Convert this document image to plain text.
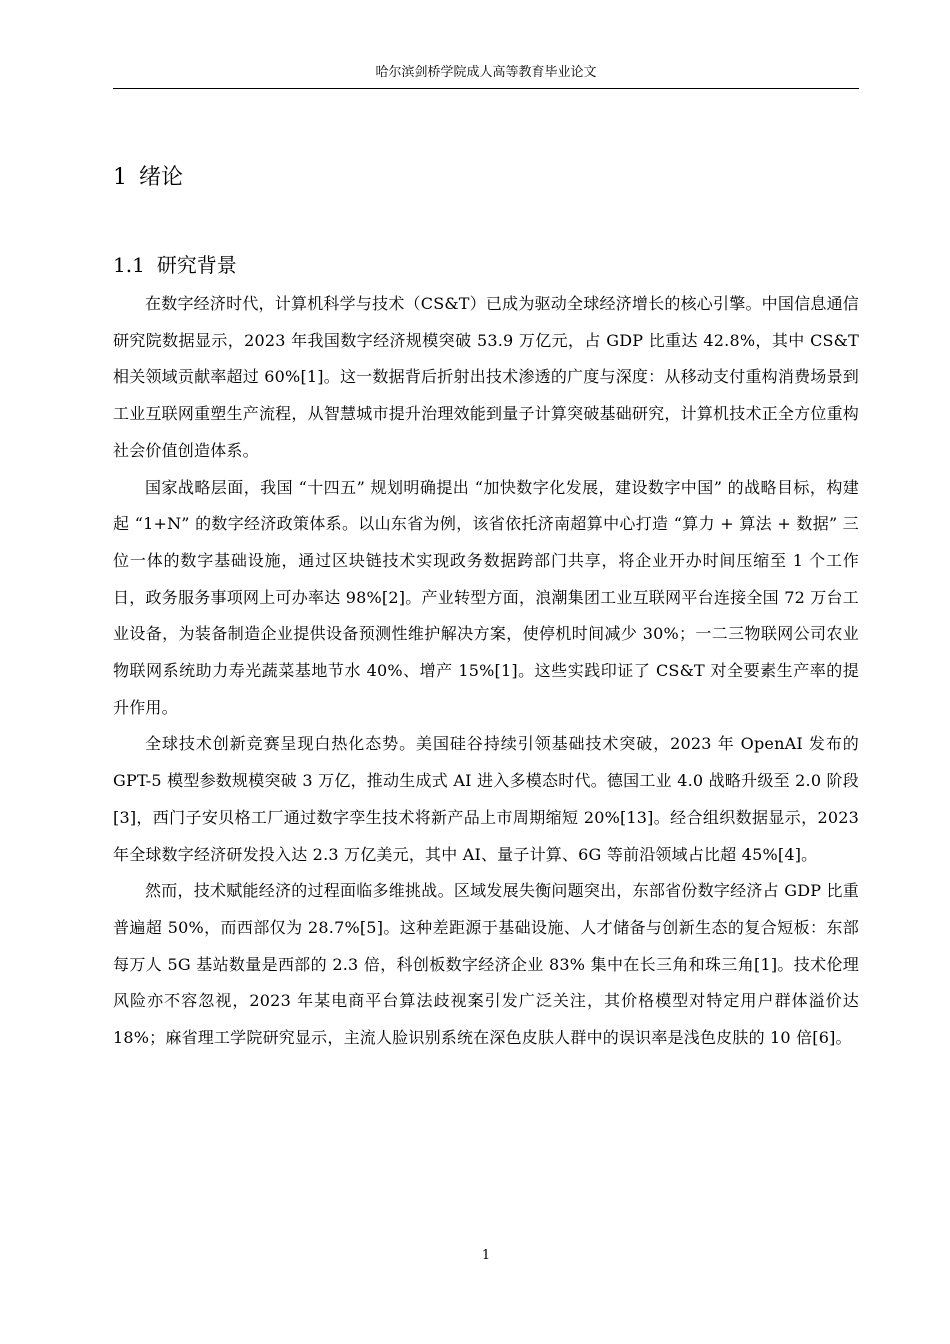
哈尔滨剑桥学院成人高等教育毕业论文
1 绪论
1.1 研究背景

在数字经济时代，计算机科学与技术（CS&T）已成为驱动全球经济增长的核心引擎。中国信息通信研究院数据显示，2023 年我国数字经济规模突破 53.9 万亿元，占 GDP 比重达 42.8%，其中 CS&T 相关领域贡献率超过 60%[1]。这一数据背后折射出技术渗透的广度与深度：从移动支付重构消费场景到工业互联网重塑生产流程，从智慧城市提升治理效能到量子计算突破基础研究，计算机技术正全方位重构社会价值创造体系。

国家战略层面，我国 “十四五” 规划明确提出 “加快数字化发展，建设数字中国” 的战略目标，构建起 “1+N” 的数字经济政策体系。以山东省为例，该省依托济南超算中心打造 “算力 + 算法 + 数据” 三位一体的数字基础设施，通过区块链技术实现政务数据跨部门共享，将企业开办时间压缩至 1 个工作日，政务服务事项网上可办率达 98%[2]。产业转型方面，浪潮集团工业互联网平台连接全国 72 万台工业设备，为装备制造企业提供设备预测性维护解决方案，使停机时间减少 30%；一二三物联网公司农业物联网系统助力寿光蔬菜基地节水 40%、增产 15%[1]。这些实践印证了 CS&T 对全要素生产率的提升作用。

全球技术创新竞赛呈现白热化态势。美国硅谷持续引领基础技术突破，2023 年 OpenAI 发布的 GPT-5 模型参数规模突破 3 万亿，推动生成式 AI 进入多模态时代。德国工业 4.0 战略升级至 2.0 阶段[3]，西门子安贝格工厂通过数字孪生技术将新产品上市周期缩短 20%[13]。经合组织数据显示，2023 年全球数字经济研发投入达 2.3 万亿美元，其中 AI、量子计算、6G 等前沿领域占比超 45%[4]。

然而，技术赋能经济的过程面临多维挑战。区域发展失衡问题突出，东部省份数字经济占 GDP 比重普遍超 50%，而西部仅为 28.7%[5]。这种差距源于基础设施、人才储备与创新生态的复合短板：东部每万人 5G 基站数量是西部的 2.3 倍，科创板数字经济企业 83% 集中在长三角和珠三角[1]。技术伦理风险亦不容忽视，2023 年某电商平台算法歧视案引发广泛关注，其价格模型对特定用户群体溢价达 18%；麻省理工学院研究显示，主流人脸识别系统在深色皮肤人群中的误识率是浅色皮肤的 10 倍[6]。

1
